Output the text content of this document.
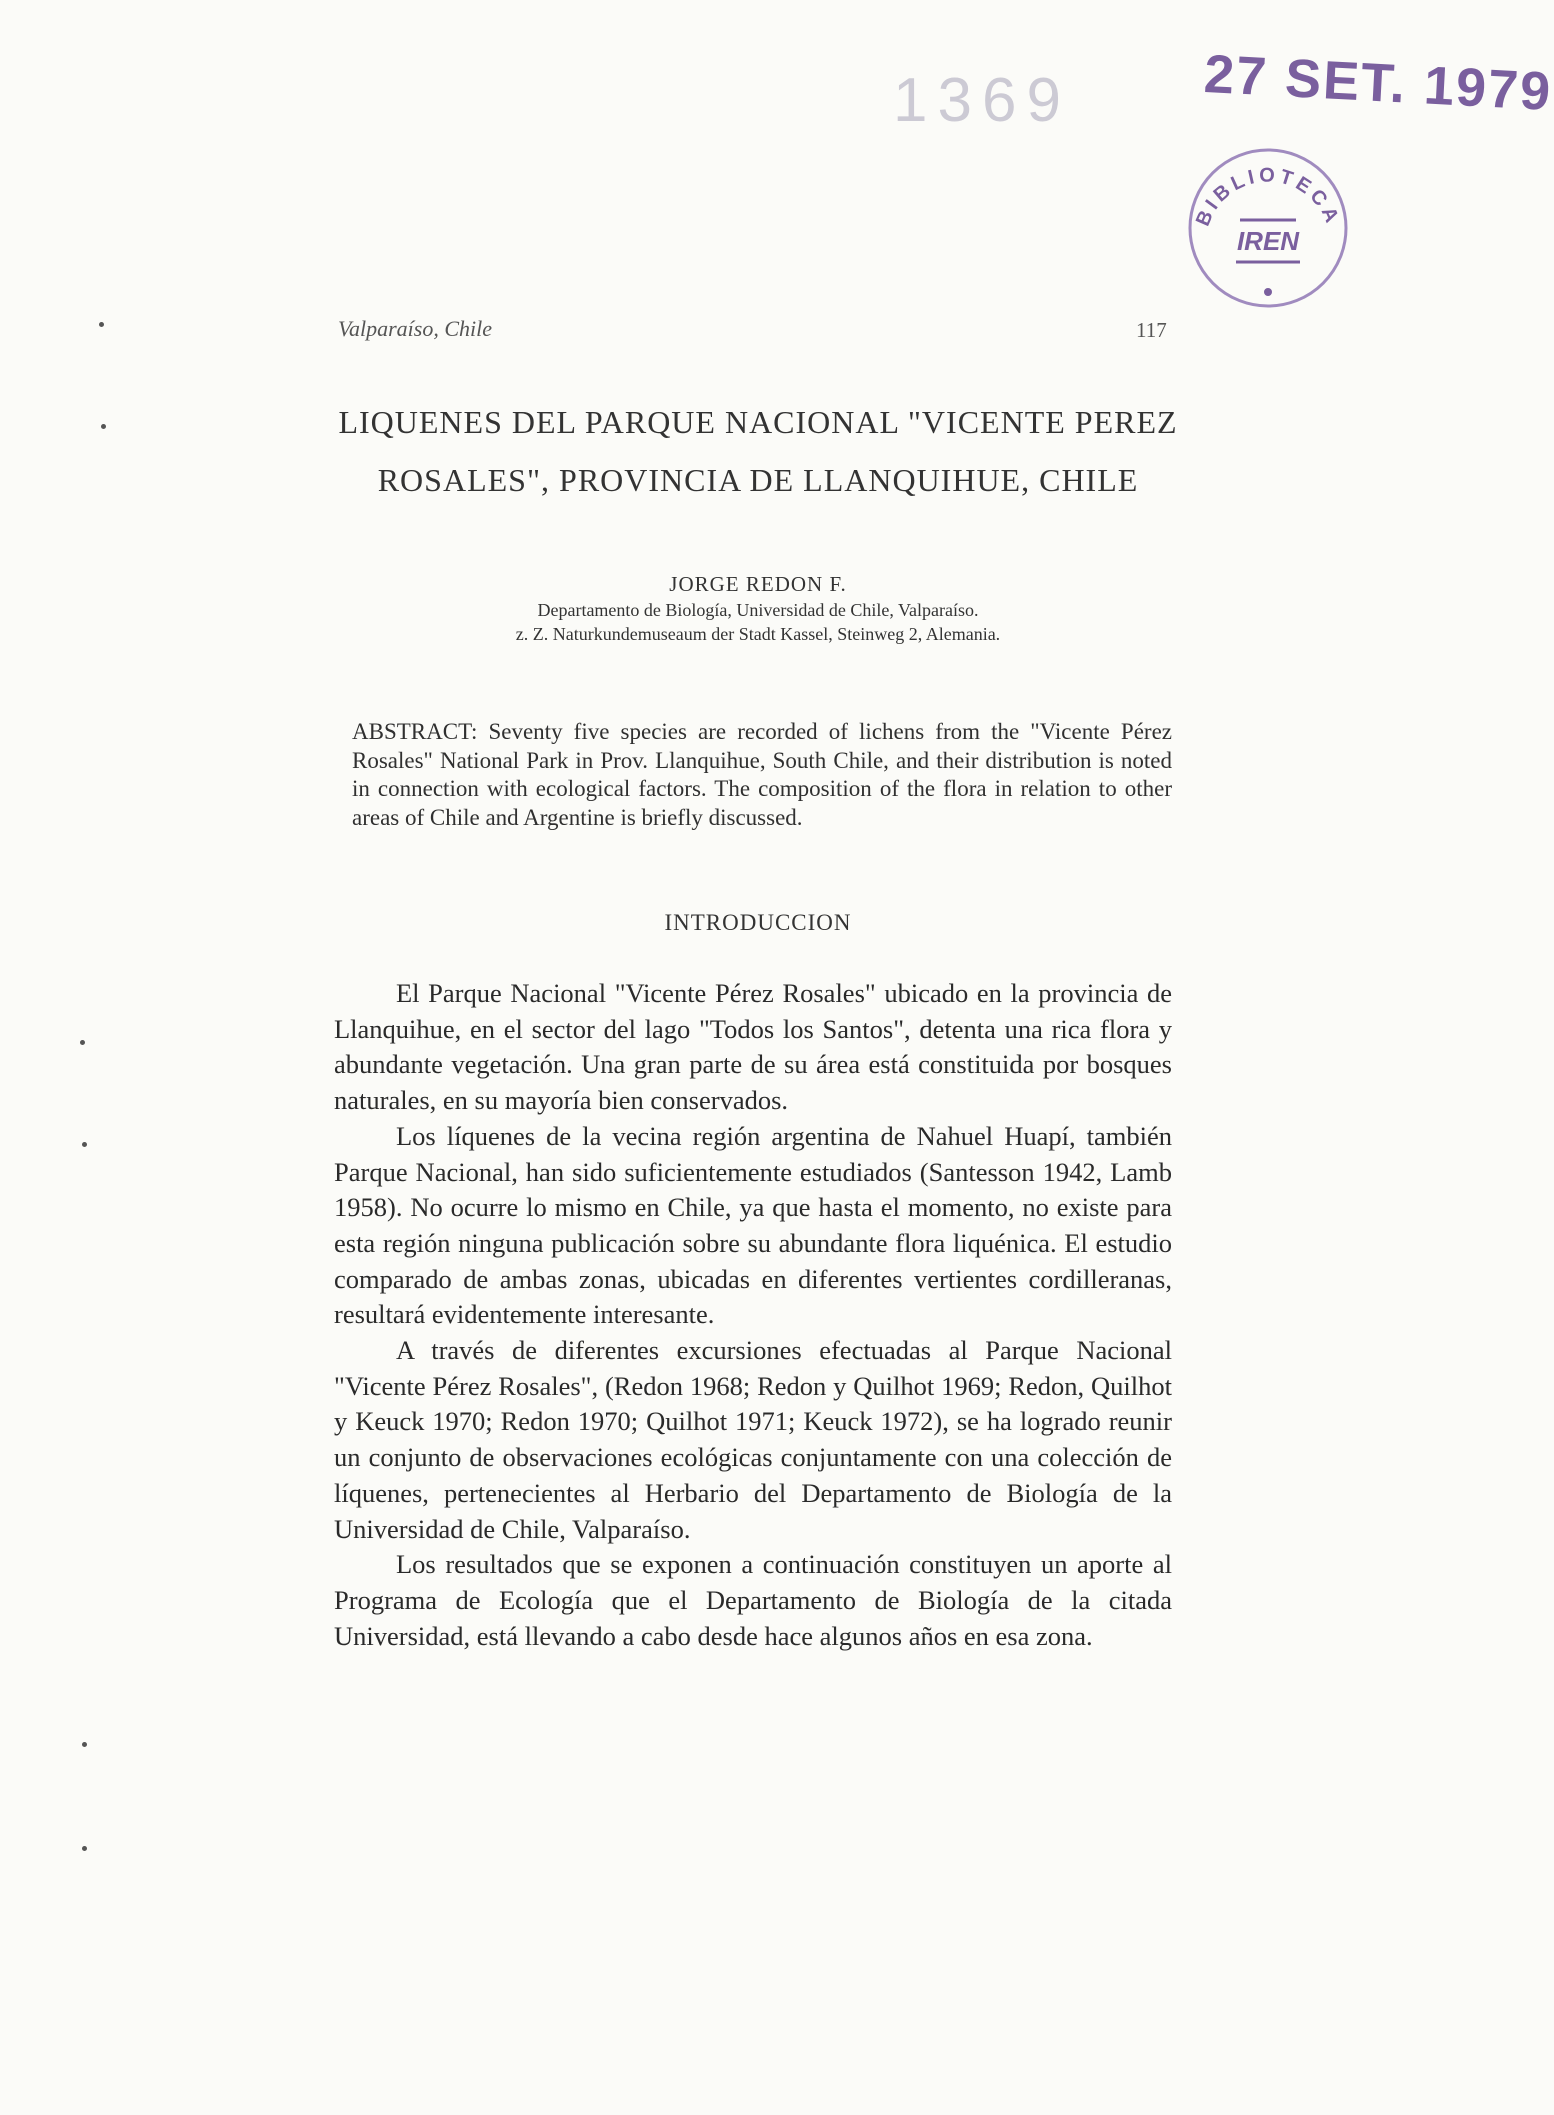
1369 27 SET. 1979
BIBLIOTECA
IREN
Valparaíso, Chile	117
LIQUENES DEL PARQUE NACIONAL "VICENTE PEREZ
ROSALES", PROVINCIA DE LLANQUIHUE, CHILE
JORGE REDON F.
Departamento de Biología, Universidad de Chile, Valparaíso.
z. Z. Naturkundemuseaum der Stadt Kassel, Steinweg 2, Alemania.

ABSTRACT: Seventy five species are recorded of lichens from the "Vicente Pérez Rosales" National Park in Prov. Llanquihue, South Chile, and their distribution is noted in connection with ecological factors. The composition of the flora in relation to other areas of Chile and Argentine is briefly discussed.

INTRODUCCION

El Parque Nacional "Vicente Pérez Rosales" ubicado en la provincia de Llanquihue, en el sector del lago "Todos los Santos", detenta una rica flora y abundante vegetación. Una gran parte de su área está constituida por bosques naturales, en su mayoría bien conservados.

Los líquenes de la vecina región argentina de Nahuel Huapí, también Parque Nacional, han sido suficientemente estudiados (Santesson 1942, Lamb 1958). No ocurre lo mismo en Chile, ya que hasta el momento, no existe para esta región ninguna publicación sobre su abundante flora liquénica. El estudio comparado de ambas zonas, ubicadas en diferentes vertientes cordilleranas, resultará evidentemente interesante.

A través de diferentes excursiones efectuadas al Parque Nacional "Vicente Pérez Rosales", (Redon 1968; Redon y Quilhot 1969; Redon, Quilhot y Keuck 1970; Redon 1970; Quilhot 1971; Keuck 1972), se ha logrado reunir un conjunto de observaciones ecológicas conjuntamente con una colección de líquenes, pertenecientes al Herbario del Departamento de Biología de la Universidad de Chile, Valparaíso.

Los resultados que se exponen a continuación constituyen un aporte al Programa de Ecología que el Departamento de Biología de la citada Universidad, está llevando a cabo desde hace algunos años en esa zona.
